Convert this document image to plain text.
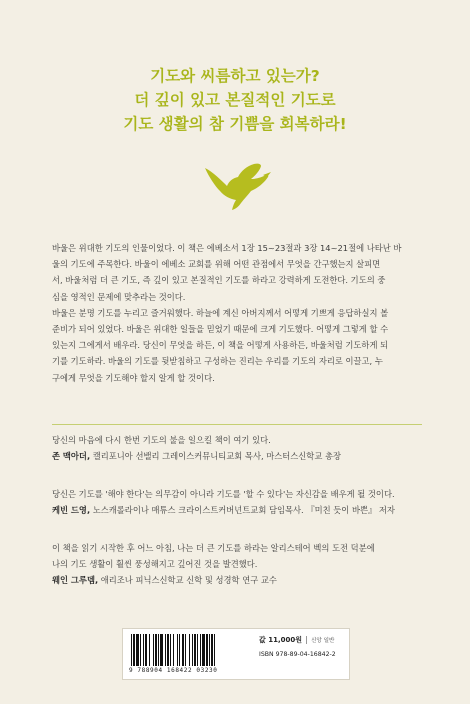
기도와 씨름하고 있는가?
더 깊이 있고 본질적인 기도로
기도 생활의 참 기쁨을 회복하라!

바울은 위대한 기도의 인물이었다. 이 책은 에베소서 1장 15~23절과 3장 14~21절에 나타난 바
울의 기도에 주목한다. 바울이 에베소 교회를 위해 어떤 관점에서 무엇을 간구했는지 살피면
서, 바울처럼 더 큰 기도, 즉 깊이 있고 본질적인 기도를 하라고 강력하게 도전한다. 기도의 중
심을 영적인 문제에 맞추라는 것이다.

바울은 분명 기도를 누리고 즐거워했다. 하늘에 계신 아버지께서 어떻게 기쁘게 응답하실지 볼
준비가 되어 있었다. 바울은 위대한 일들을 믿었기 때문에 크게 기도했다. 어떻게 그렇게 할 수
있는지 그에게서 배우라. 당신이 무엇을 하든, 이 책을 어떻게 사용하든, 바울처럼 기도하게 되
기를 기도하라. 바울의 기도를 뒷받침하고 구성하는 진리는 우리를 기도의 자리로 이끌고, 누
구에게 무엇을 기도해야 할지 알게 할 것이다.

당신의 마음에 다시 한번 기도의 불을 일으킬 책이 여기 있다.

존 맥아더, 캘리포니아 선밸리 그레이스커뮤니티교회 목사, 마스터스신학교 총장

당신은 기도를 '해야 한다'는 의무감이 아니라 기도를 '할 수 있다'는 자신감을 배우게 될 것이다.

케빈 드영, 노스캐롤라이나 매튜스 크라이스트커버넌트교회 담임목사. 『미친 듯이 바쁜』 저자

이 책을 읽기 시작한 후 어느 아침, 나는 더 큰 기도를 하라는 알리스테어 벡의 도전 덕분에

나의 기도 생활이 훨씬 풍성해지고 깊어진 것을 발견했다.

웨인 그루뎀, 애리조나 피닉스신학교 신학 및 성경학 연구 교수

9 788904 168422 03230
값 11,000원 신앙 일반
ISBN 978-89-04-16842-2
